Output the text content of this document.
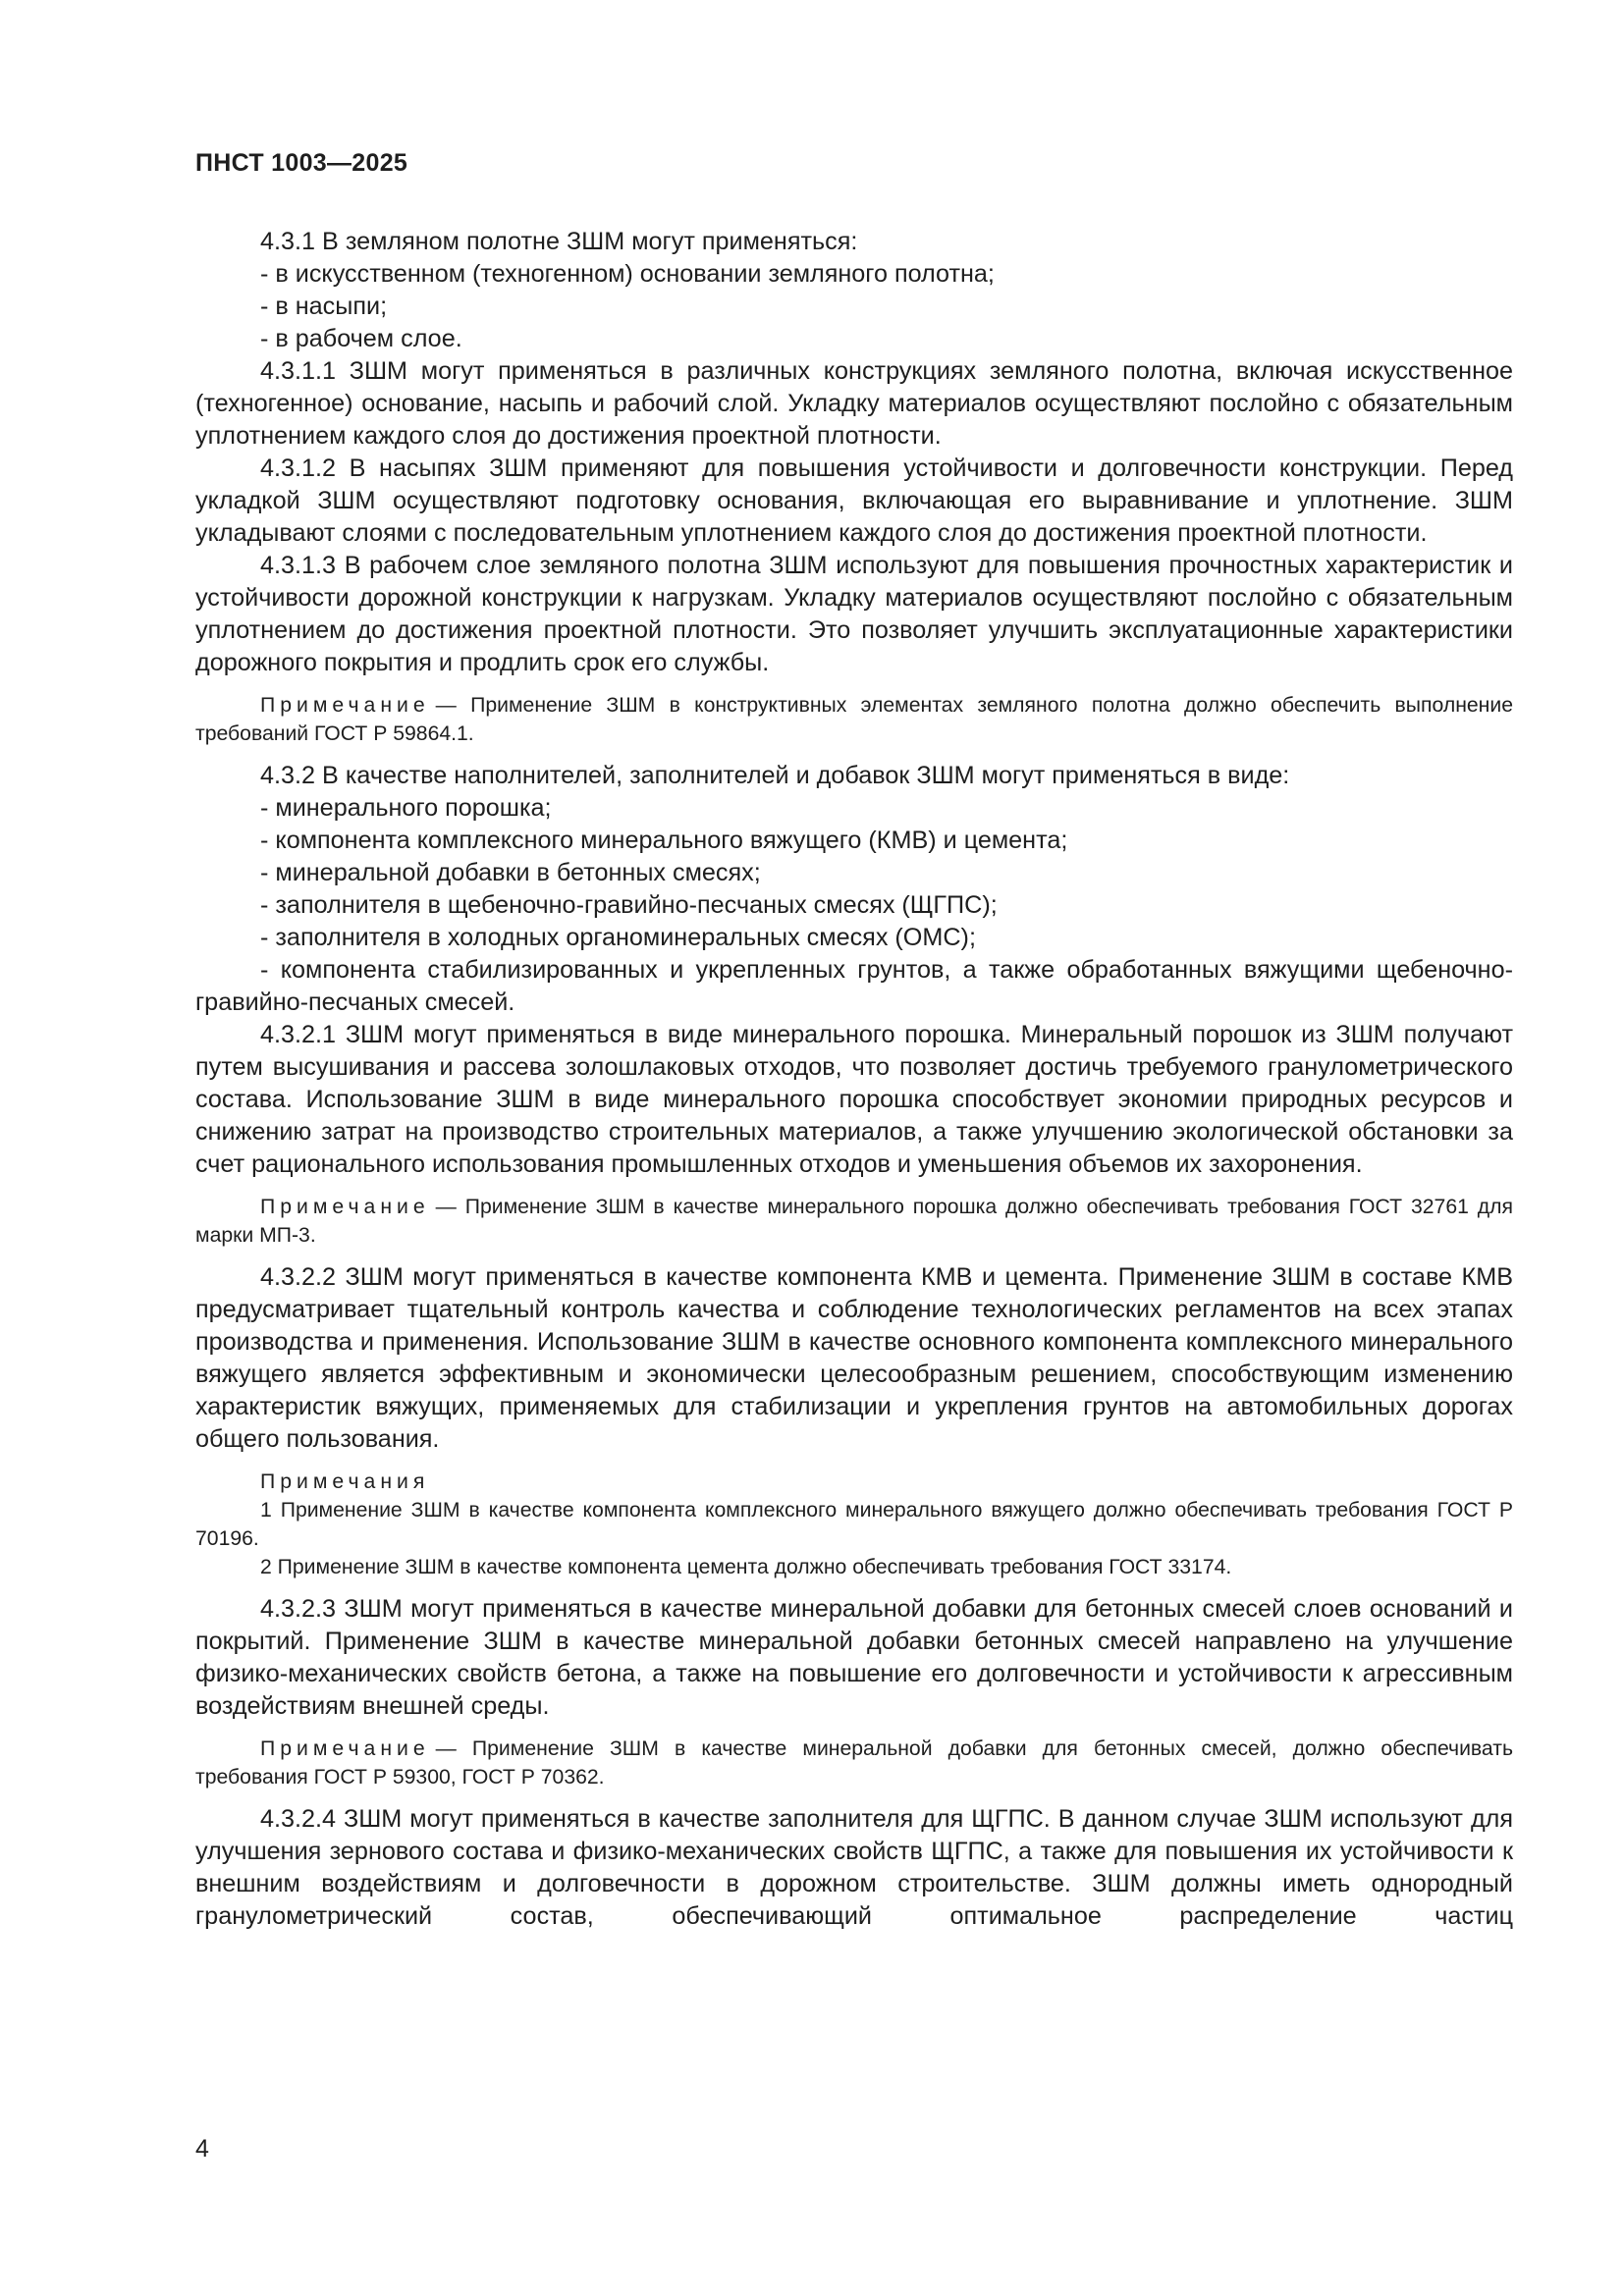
ПНСТ 1003—2025
4.3.1 В земляном полотне ЗШМ могут применяться:
- в искусственном (техногенном) основании земляного полотна;
- в насыпи;
- в рабочем слое.
4.3.1.1 ЗШМ могут применяться в различных конструкциях земляного полотна, включая искусственное (техногенное) основание, насыпь и рабочий слой. Укладку материалов осуществляют послойно с обязательным уплотнением каждого слоя до достижения проектной плотности.
4.3.1.2 В насыпях ЗШМ применяют для повышения устойчивости и долговечности конструкции. Перед укладкой ЗШМ осуществляют подготовку основания, включающая его выравнивание и уплотнение. ЗШМ укладывают слоями с последовательным уплотнением каждого слоя до достижения проектной плотности.
4.3.1.3 В рабочем слое земляного полотна ЗШМ используют для повышения прочностных характеристик и устойчивости дорожной конструкции к нагрузкам. Укладку материалов осуществляют послойно с обязательным уплотнением до достижения проектной плотности. Это позволяет улучшить эксплуатационные характеристики дорожного покрытия и продлить срок его службы.
Примечание — Применение ЗШМ в конструктивных элементах земляного полотна должно обеспечить выполнение требований ГОСТ Р 59864.1.
4.3.2 В качестве наполнителей, заполнителей и добавок ЗШМ могут применяться в виде:
- минерального порошка;
- компонента комплексного минерального вяжущего (КМВ) и цемента;
- минеральной добавки в бетонных смесях;
- заполнителя в щебеночно-гравийно-песчаных смесях (ЩГПС);
- заполнителя в холодных органоминеральных смесях (ОМС);
- компонента стабилизированных и укрепленных грунтов, а также обработанных вяжущими щебеночно-гравийно-песчаных смесей.
4.3.2.1 ЗШМ могут применяться в виде минерального порошка. Минеральный порошок из ЗШМ получают путем высушивания и рассева золошлаковых отходов, что позволяет достичь требуемого гранулометрического состава. Использование ЗШМ в виде минерального порошка способствует экономии природных ресурсов и снижению затрат на производство строительных материалов, а также улучшению экологической обстановки за счет рационального использования промышленных отходов и уменьшения объемов их захоронения.
Примечание — Применение ЗШМ в качестве минерального порошка должно обеспечивать требования ГОСТ 32761 для марки МП-3.
4.3.2.2 ЗШМ могут применяться в качестве компонента КМВ и цемента. Применение ЗШМ в составе КМВ предусматривает тщательный контроль качества и соблюдение технологических регламентов на всех этапах производства и применения. Использование ЗШМ в качестве основного компонента комплексного минерального вяжущего является эффективным и экономически целесообразным решением, способствующим изменению характеристик вяжущих, применяемых для стабилизации и укрепления грунтов на автомобильных дорогах общего пользования.
Примечания
1 Применение ЗШМ в качестве компонента комплексного минерального вяжущего должно обеспечивать требования ГОСТ Р 70196.
2 Применение ЗШМ в качестве компонента цемента должно обеспечивать требования ГОСТ 33174.
4.3.2.3 ЗШМ могут применяться в качестве минеральной добавки для бетонных смесей слоев оснований и покрытий. Применение ЗШМ в качестве минеральной добавки бетонных смесей направлено на улучшение физико-механических свойств бетона, а также на повышение его долговечности и устойчивости к агрессивным воздействиям внешней среды.
Примечание — Применение ЗШМ в качестве минеральной добавки для бетонных смесей, должно обеспечивать требования ГОСТ Р 59300, ГОСТ Р 70362.
4.3.2.4 ЗШМ могут применяться в качестве заполнителя для ЩГПС. В данном случае ЗШМ используют для улучшения зернового состава и физико-механических свойств ЩГПС, а также для повышения их устойчивости к внешним воздействиям и долговечности в дорожном строительстве. ЗШМ должны иметь однородный гранулометрический состав, обеспечивающий оптимальное распределение частиц
4
